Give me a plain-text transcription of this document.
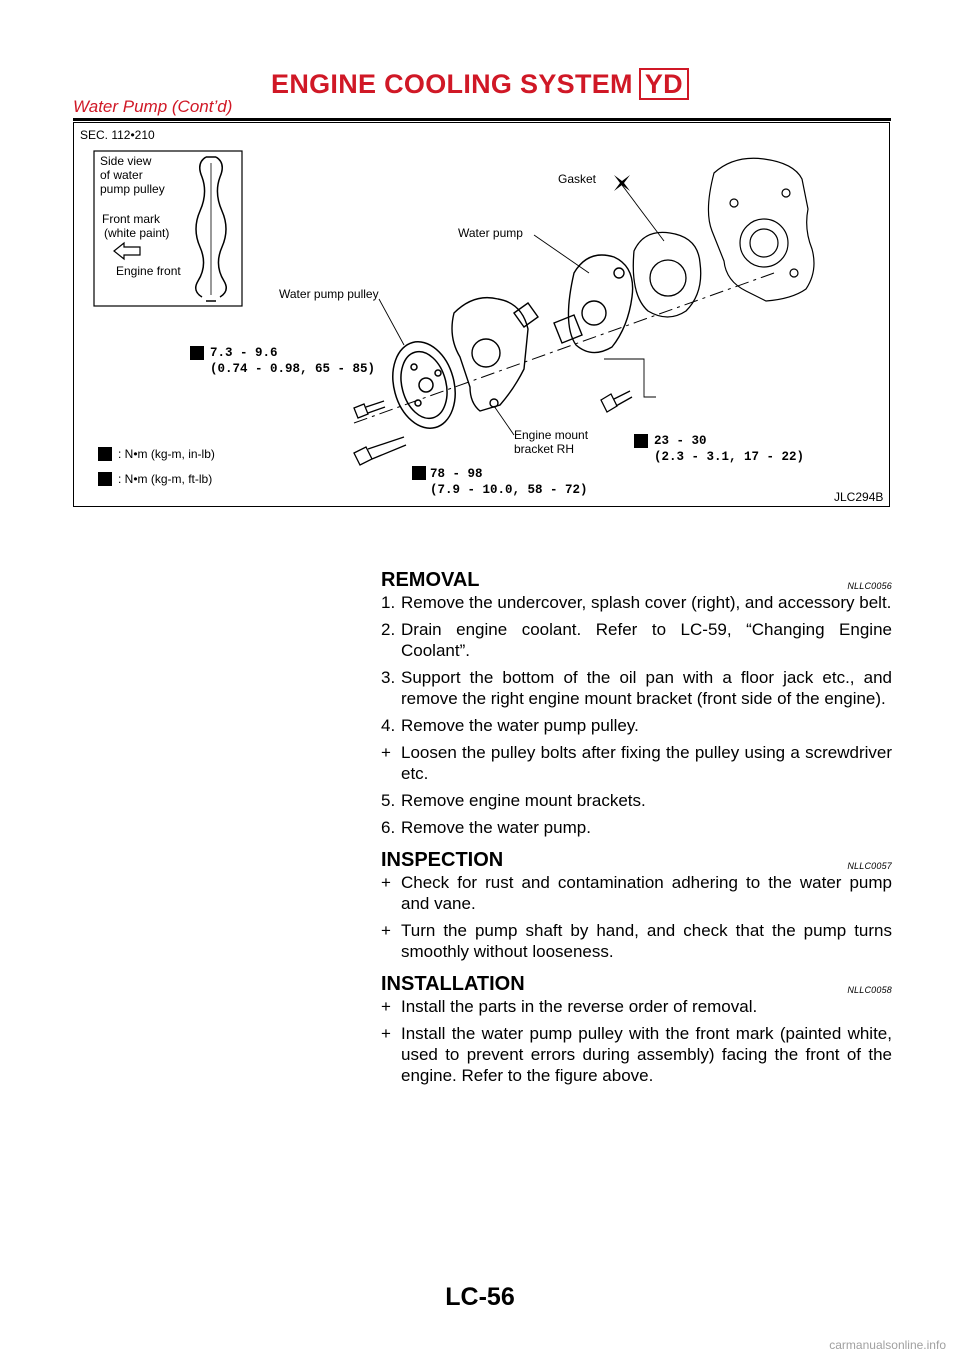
ENGINE COOLING SYSTEM YD
Water Pump (Cont’d)
SEC. 112•210
Side view
of water
pump pulley
Front mark
(white paint)
Engine front
Gasket
Water pump
Engine mount
bracket RH
Water pump pulley
7.3 - 9.6
(0.74 - 0.98, 65 - 85)
23 - 30
(2.3 - 3.1, 17 - 22)
78 - 98
(7.9 - 10.0, 58 - 72)
: N•m (kg-m, in-lb)
: N•m (kg-m, ft-lb)
JLC294B
REMOVAL	NLLC0056
1. Remove the undercover, splash cover (right), and accessory belt.
2. Drain engine coolant. Refer to LC-59, “Changing Engine Coolant”.
3. Support the bottom of the oil pan with a floor jack etc., and remove the right engine mount bracket (front side of the engine).
4. Remove the water pump pulley.
+ Loosen the pulley bolts after fixing the pulley using a screwdriver etc.
5. Remove engine mount brackets.
6. Remove the water pump.
INSPECTION	NLLC0057
+ Check for rust and contamination adhering to the water pump and vane.
+ Turn the pump shaft by hand, and check that the pump turns smoothly without looseness.
INSTALLATION	NLLC0058
+ Install the parts in the reverse order of removal.
+ Install the water pump pulley with the front mark (painted white, used to prevent errors during assembly) facing the front of the engine. Refer to the figure above.
LC-56
carmanualsonline.info
